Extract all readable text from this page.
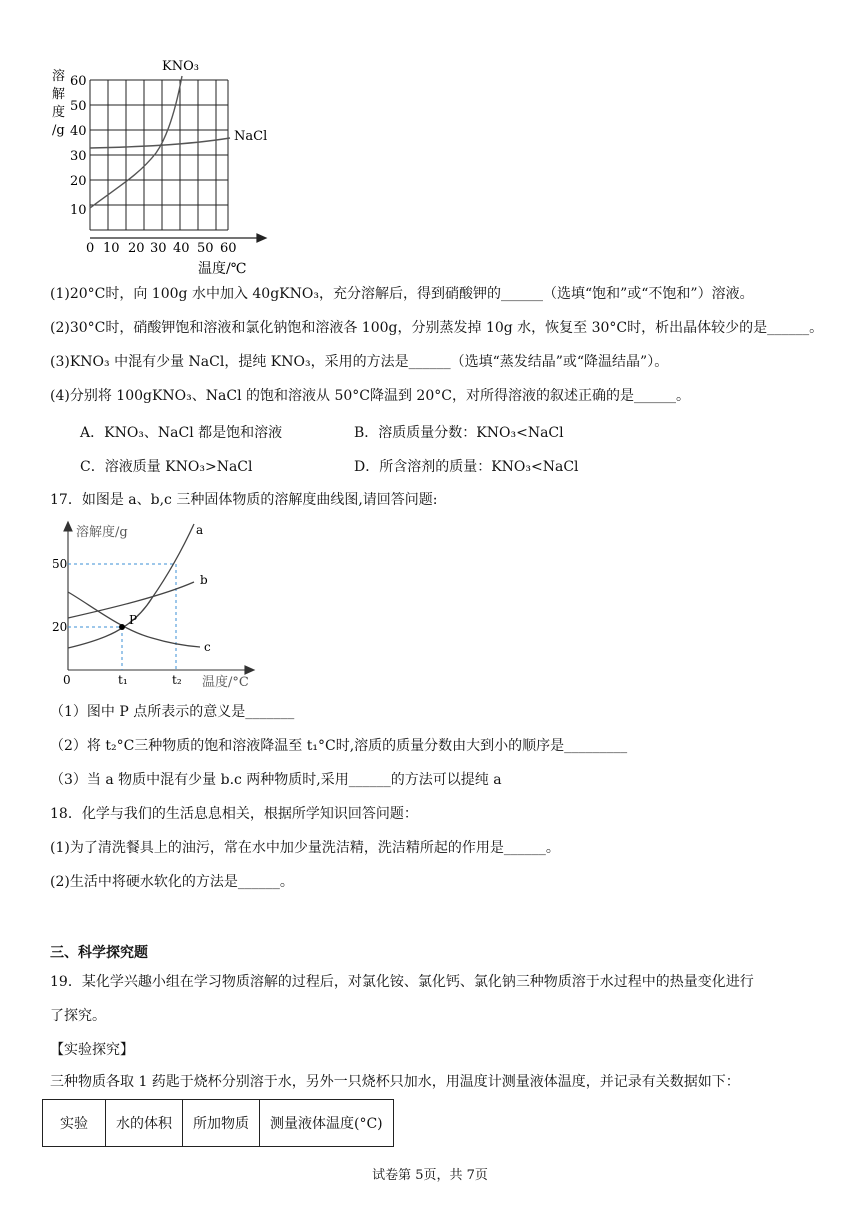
溶
解
度
/g
60
50
40
30
20
10
0 10 20 30 40 50 60
温度/℃
KNO₃
NaCl
(1)20°C时，向 100g 水中加入 40gKNO₃，充分溶解后，得到硝酸钾的______（选填“饱和”或“不饱和”）溶液。
(2)30°C时，硝酸钾饱和溶液和氯化钠饱和溶液各 100g，分别蒸发掉 10g 水，恢复至 30°C时，析出晶体较少的是______。
(3)KNO₃ 中混有少量 NaCl，提纯 KNO₃，采用的方法是______（选填“蒸发结晶”或“降温结晶”）。
(4)分别将 100gKNO₃、NaCl 的饱和溶液从 50°C降温到 20°C，对所得溶液的叙述正确的是______。
A．KNO₃、NaCl 都是饱和溶液	B．溶质质量分数：KNO₃<NaCl
C．溶液质量 KNO₃>NaCl	D．所含溶剂的质量：KNO₃<NaCl
17．如图是 a、b,c 三种固体物质的溶解度曲线图,请回答问题:
溶解度/g
温度/°C
50
20
0	t₁	t₂
P
a
b
c
（1）图中 P 点所表示的意义是_______
（2）将 t₂°C三种物质的饱和溶液降温至 t₁°C时,溶质的质量分数由大到小的顺序是_________
（3）当 a 物质中混有少量 b.c 两种物质时,采用______的方法可以提纯 a
18．化学与我们的生活息息相关，根据所学知识回答问题：
(1)为了清洗餐具上的油污，常在水中加少量洗洁精，洗洁精所起的作用是______。
(2)生活中将硬水软化的方法是______。
三、科学探究题
19．某化学兴趣小组在学习物质溶解的过程后，对氯化铵、氯化钙、氯化钠三种物质溶于水过程中的热量变化进行
了探究。
【实验探究】
三种物质各取 1 药匙于烧杯分别溶于水，另外一只烧杯只加水，用温度计测量液体温度，并记录有关数据如下：
实验	水的体积	所加物质	测量液体温度(°C)
试卷第 5页，共 7页
